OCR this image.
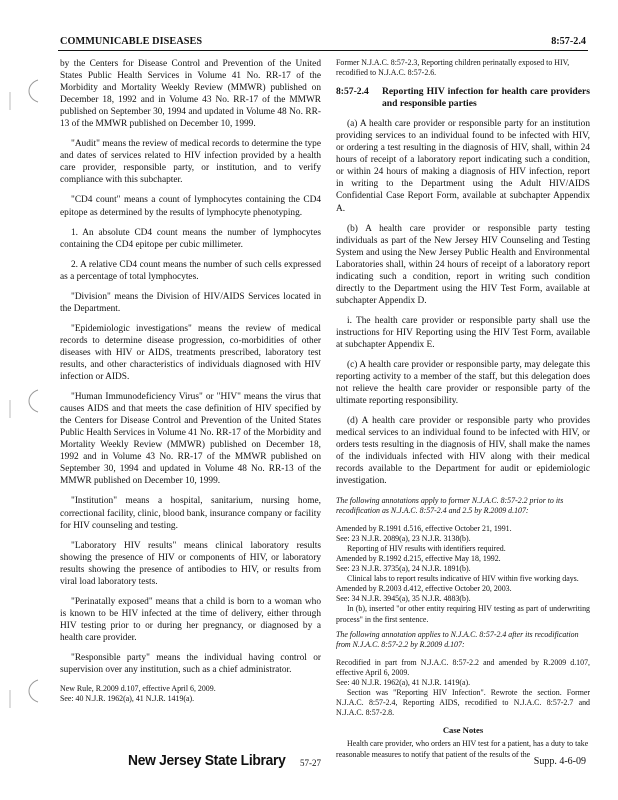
COMMUNICABLE DISEASES	8:57-2.4

by the Centers for Disease Control and Prevention of the United States Public Health Services in Volume 41 No. RR-17 of the Morbidity and Mortality Weekly Review (MMWR) published on December 18, 1992 and in Volume 43 No. RR-17 of the MMWR published on September 30, 1994 and updated in Volume 48 No. RR-13 of the MMWR published on December 10, 1999.

"Audit" means the review of medical records to determine the type and dates of services related to HIV infection provided by a health care provider, responsible party, or institution, and to verify compliance with this subchapter.

"CD4 count" means a count of lymphocytes containing the CD4 epitope as determined by the results of lymphocyte phenotyping.

1. An absolute CD4 count means the number of lymphocytes containing the CD4 epitope per cubic millimeter.

2. A relative CD4 count means the number of such cells expressed as a percentage of total lymphocytes.

"Division" means the Division of HIV/AIDS Services located in the Department.

"Epidemiologic investigations" means the review of medical records to determine disease progression, co-morbidities of other diseases with HIV or AIDS, treatments prescribed, laboratory test results, and other characteristics of individuals diagnosed with HIV infection or AIDS.

"Human Immunodeficiency Virus" or "HIV" means the virus that causes AIDS and that meets the case definition of HIV specified by the Centers for Disease Control and Prevention of the United States Public Health Services in Volume 41 No. RR-17 of the Morbidity and Mortality Weekly Review (MMWR) published on December 18, 1992 and in Volume 43 No. RR-17 of the MMWR published on September 30, 1994 and updated in Volume 48 No. RR-13 of the MMWR published on December 10, 1999.

"Institution" means a hospital, sanitarium, nursing home, correctional facility, clinic, blood bank, insurance company or facility for HIV counseling and testing.

"Laboratory HIV results" means clinical laboratory results showing the presence of HIV or components of HIV, or laboratory results showing the presence of antibodies to HIV, or results from viral load laboratory tests.

"Perinatally exposed" means that a child is born to a woman who is known to be HIV infected at the time of delivery, either through HIV testing prior to or during her pregnancy, or diagnosed by a health care provider.

"Responsible party" means the individual having control or supervision over any institution, such as a chief administrator.

New Rule, R.2009 d.107, effective April 6, 2009.
See: 40 N.J.R. 1962(a), 41 N.J.R. 1419(a).

Former N.J.A.C. 8:57-2.3, Reporting children perinatally exposed to HIV, recodified to N.J.A.C. 8:57-2.6.

8:57-2.4	Reporting HIV infection for health care providers and responsible parties

(a) A health care provider or responsible party for an institution providing services to an individual found to be infected with HIV, or ordering a test resulting in the diagnosis of HIV, shall, within 24 hours of receipt of a laboratory report indicating such a condition, or within 24 hours of making a diagnosis of HIV infection, report in writing to the Department using the Adult HIV/AIDS Confidential Case Report Form, available at subchapter Appendix A.

(b) A health care provider or responsible party testing individuals as part of the New Jersey HIV Counseling and Testing System and using the New Jersey Public Health and Environmental Laboratories shall, within 24 hours of receipt of a laboratory report indicating such a condition, report in writing such condition directly to the Department using the HIV Test Form, available at subchapter Appendix D.

i. The health care provider or responsible party shall use the instructions for HIV Reporting using the HIV Test Form, available at subchapter Appendix E.

(c) A health care provider or responsible party, may delegate this reporting activity to a member of the staff, but this delegation does not relieve the health care provider or responsible party of the ultimate reporting responsibility.

(d) A health care provider or responsible party who provides medical services to an individual found to be infected with HIV, or orders tests resulting in the diagnosis of HIV, shall make the names of the individuals infected with HIV along with their medical records available to the Department for audit or epidemiologic investigation.

The following annotations apply to former N.J.A.C. 8:57-2.2 prior to its recodification as N.J.A.C. 8:57-2.4 and 2.5 by R.2009 d.107:

Amended by R.1991 d.516, effective October 21, 1991.
See: 23 N.J.R. 2089(a), 23 N.J.R. 3138(b).
Reporting of HIV results with identifiers required.
Amended by R.1992 d.215, effective May 18, 1992.
See: 23 N.J.R. 3735(a), 24 N.J.R. 1891(b).
Clinical labs to report results indicative of HIV within five working days.
Amended by R.2003 d.412, effective October 20, 2003.
See: 34 N.J.R. 3945(a), 35 N.J.R. 4883(b).
In (b), inserted "or other entity requiring HIV testing as part of underwriting process" in the first sentence.

The following annotation applies to N.J.A.C. 8:57-2.4 after its recodification from N.J.A.C. 8:57-2.2 by R.2009 d.107:

Recodified in part from N.J.A.C. 8:57-2.2 and amended by R.2009 d.107, effective April 6, 2009.
See: 40 N.J.R. 1962(a), 41 N.J.R. 1419(a).
Section was "Reporting HIV Infection". Rewrote the section. Former N.J.A.C. 8:57-2.4, Reporting AIDS, recodified to N.J.A.C. 8:57-2.7 and N.J.A.C. 8:57-2.8.
Case Notes

Health care provider, who orders an HIV test for a patient, has a duty to take reasonable measures to notify that patient of the results of the

New Jersey State Library 57-27	Supp. 4-6-09
